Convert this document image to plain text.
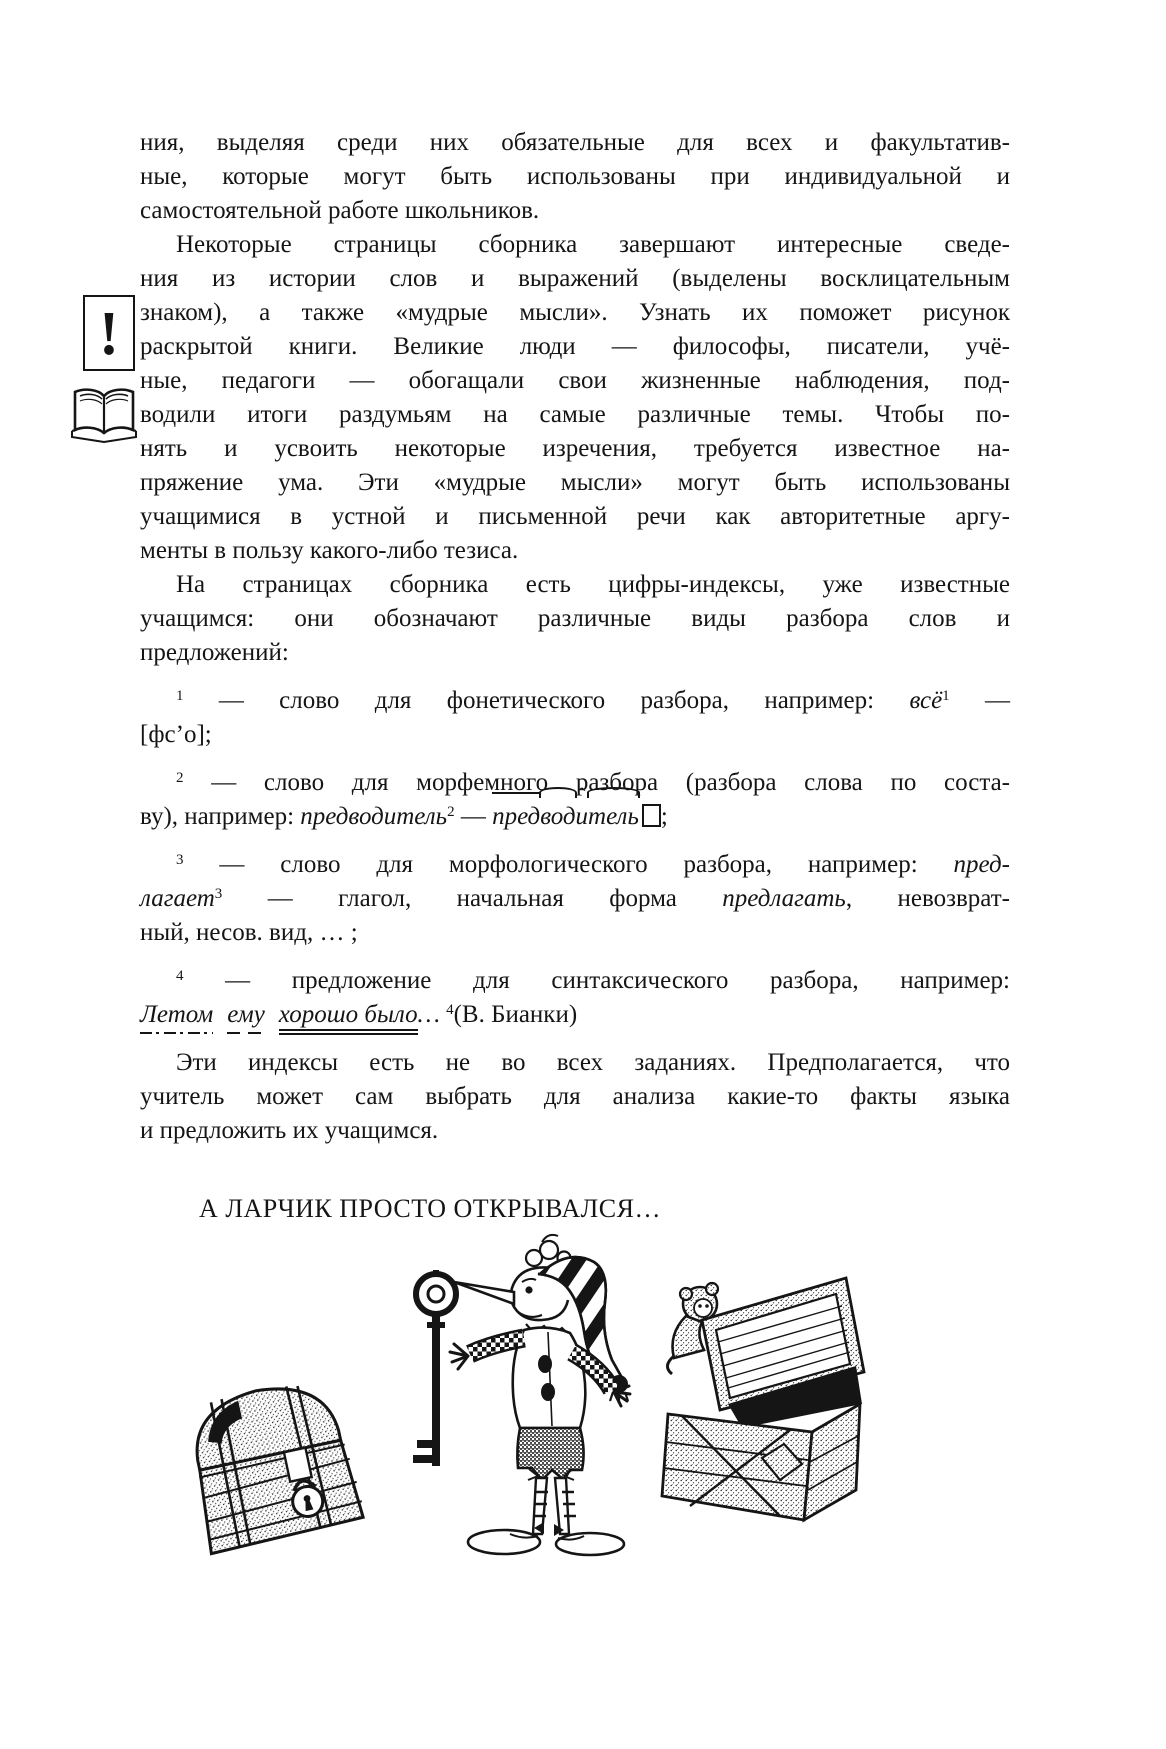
!
ния, выделяя среди них обязательные для всех и факультатив-
ные, которые могут быть использованы при индивидуальной и
самостоятельной работе школьников.
Некоторые страницы сборника завершают интересные сведе-
ния из истории слов и выражений (выделены восклицательным
знаком), а также «мудрые мысли». Узнать их поможет рисунок
раскрытой книги. Великие люди — философы, писатели, учё-
ные, педагоги — обогащали свои жизненные наблюдения, под-
водили итоги раздумьям на самые различные темы. Чтобы по-
нять и усвоить некоторые изречения, требуется известное на-
пряжение ума. Эти «мудрые мысли» могут быть использованы
учащимися в устной и письменной речи как авторитетные аргу-
менты в пользу какого-либо тезиса.
На страницах сборника есть цифры-индексы, уже известные
учащимся: они обозначают различные виды разбора слов и
предложений:
$^1$ — слово для фонетического разбора, например: всё$^1$ —
[фс’о];
$^2$ — слово для морфемного разбора (разбора слова по соста-
ву), например: предводитель$^2$ — предводˆ итель ;
$^3$ — слово для морфологического разбора, например: пред-
лагает$^3$ — глагол, начальная форма предлагать, невозврат-
ный, несов. вид, … ;
$^4$ — предложение для синтаксического разбора, например:
Летом ему хорошо было… $^4$(В. Бианки)
Эти индексы есть не во всех заданиях. Предполагается, что
учитель может сам выбрать для анализа какие-то факты языка
и предложить их учащимся.
А ЛАРЧИК ПРОСТО ОТКРЫВАЛСЯ…
